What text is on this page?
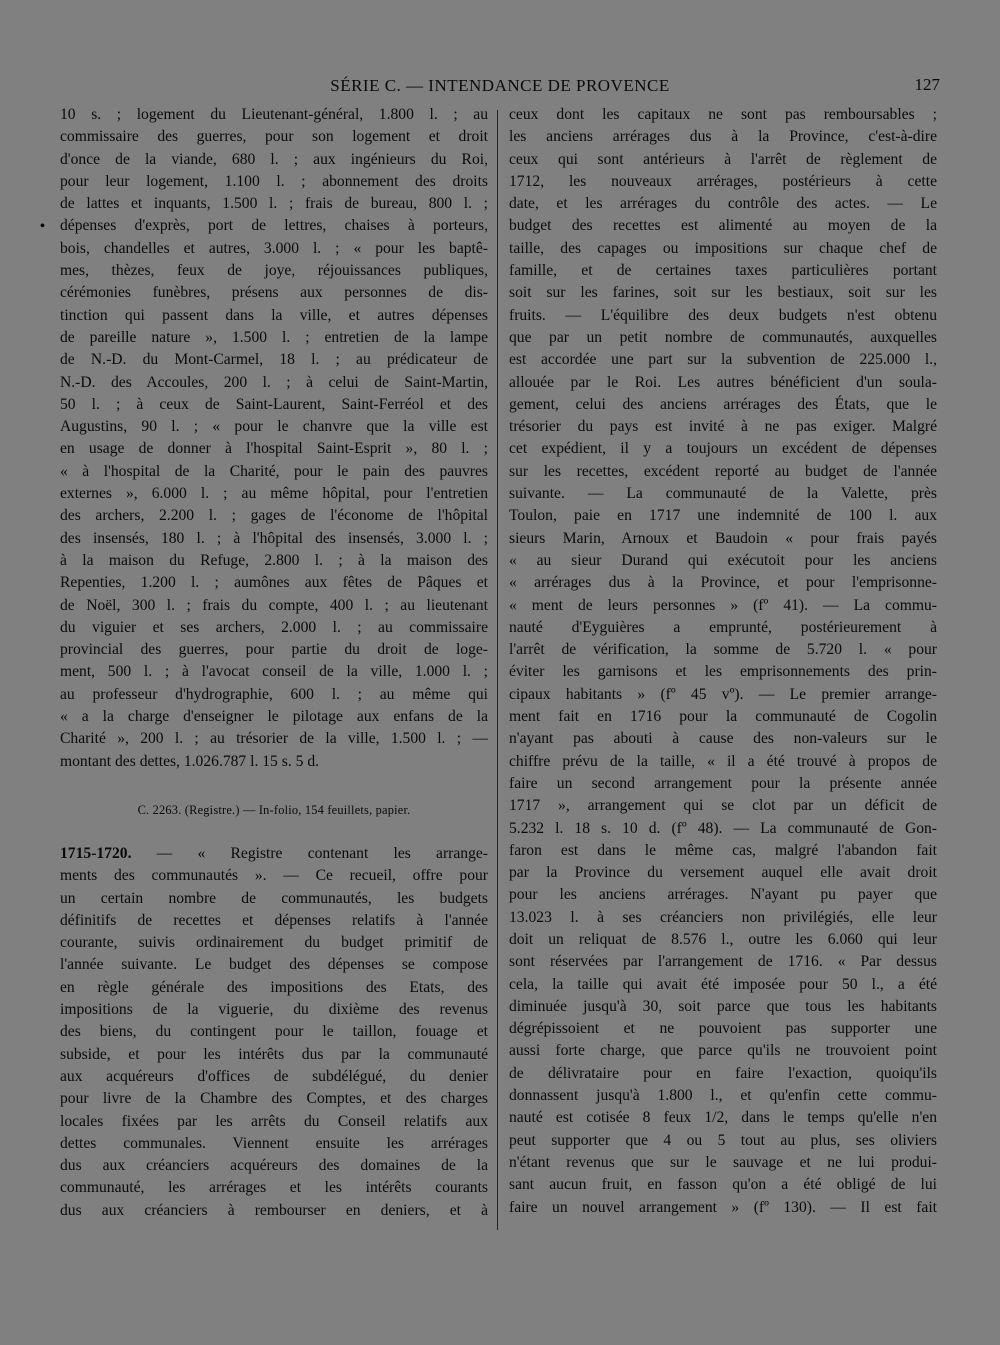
SÉRIE C. — INTENDANCE DE PROVENCE	127
•
10 s. ; logement du Lieutenant-général, 1.800 l. ; au
commissaire des guerres, pour son logement et droit
d'once de la viande, 680 l. ; aux ingénieurs du Roi,
pour leur logement, 1.100 l. ; abonnement des droits
de lattes et inquants, 1.500 l. ; frais de bureau, 800 l. ;
dépenses d'exprès, port de lettres, chaises à porteurs,
bois, chandelles et autres, 3.000 l. ; « pour les baptê-
mes, thèzes, feux de joye, réjouissances publiques,
cérémonies funèbres, présens aux personnes de dis-
tinction qui passent dans la ville, et autres dépenses
de pareille nature », 1.500 l. ; entretien de la lampe
de N.-D. du Mont-Carmel, 18 l. ; au prédicateur de
N.-D. des Accoules, 200 l. ; à celui de Saint-Martin,
50 l. ; à ceux de Saint-Laurent, Saint-Ferréol et des
Augustins, 90 l. ; « pour le chanvre que la ville est
en usage de donner à l'hospital Saint-Esprit », 80 l. ;
« à l'hospital de la Charité, pour le pain des pauvres
externes », 6.000 l. ; au même hôpital, pour l'entretien
des archers, 2.200 l. ; gages de l'économe de l'hôpital
des insensés, 180 l. ; à l'hôpital des insensés, 3.000 l. ;
à la maison du Refuge, 2.800 l. ; à la maison des
Repenties, 1.200 l. ; aumônes aux fêtes de Pâques et
de Noël, 300 l. ; frais du compte, 400 l. ; au lieutenant
du viguier et ses archers, 2.000 l. ; au commissaire
provincial des guerres, pour partie du droit de loge-
ment, 500 l. ; à l'avocat conseil de la ville, 1.000 l. ;
au professeur d'hydrographie, 600 l. ; au même qui
« a la charge d'enseigner le pilotage aux enfans de la
Charité », 200 l. ; au trésorier de la ville, 1.500 l. ; —
montant des dettes, 1.026.787 l. 15 s. 5 d.
C. 2263. (Registre.) — In-folio, 154 feuillets, papier.
1715-1720. — « Registre contenant les arrange-
ments des communautés ». — Ce recueil, offre pour
un certain nombre de communautés, les budgets
définitifs de recettes et dépenses relatifs à l'année
courante, suivis ordinairement du budget primitif de
l'année suivante. Le budget des dépenses se compose
en règle générale des impositions des Etats, des
impositions de la viguerie, du dixième des revenus
des biens, du contingent pour le taillon, fouage et
subside, et pour les intérêts dus par la communauté
aux acquéreurs d'offices de subdélégué, du denier
pour livre de la Chambre des Comptes, et des charges
locales fixées par les arrêts du Conseil relatifs aux
dettes communales. Viennent ensuite les arrérages
dus aux créanciers acquéreurs des domaines de la
communauté, les arrérages et les intérêts courants
dus aux créanciers à rembourser en deniers, et à
ceux dont les capitaux ne sont pas remboursables ;
les anciens arrérages dus à la Province, c'est-à-dire
ceux qui sont antérieurs à l'arrêt de règlement de
1712, les nouveaux arrérages, postérieurs à cette
date, et les arrérages du contrôle des actes. — Le
budget des recettes est alimenté au moyen de la
taille, des capages ou impositions sur chaque chef de
famille, et de certaines taxes particulières portant
soit sur les farines, soit sur les bestiaux, soit sur les
fruits. — L'équilibre des deux budgets n'est obtenu
que par un petit nombre de communautés, auxquelles
est accordée une part sur la subvention de 225.000 l.,
allouée par le Roi. Les autres bénéficient d'un soula-
gement, celui des anciens arrérages des États, que le
trésorier du pays est invité à ne pas exiger. Malgré
cet expédient, il y a toujours un excédent de dépenses
sur les recettes, excédent reporté au budget de l'année
suivante. — La communauté de la Valette, près
Toulon, paie en 1717 une indemnité de 100 l. aux
sieurs Marin, Arnoux et Baudoin « pour frais payés
« au sieur Durand qui exécutoit pour les anciens
« arrérages dus à la Province, et pour l'emprisonne-
« ment de leurs personnes » (fº 41). — La commu-
nauté d'Eyguières a emprunté, postérieurement à
l'arrêt de vérification, la somme de 5.720 l. « pour
éviter les garnisons et les emprisonnements des prin-
cipaux habitants » (fº 45 vº). — Le premier arrange-
ment fait en 1716 pour la communauté de Cogolin
n'ayant pas abouti à cause des non-valeurs sur le
chiffre prévu de la taille, « il a été trouvé à propos de
faire un second arrangement pour la présente année
1717 », arrangement qui se clot par un déficit de
5.232 l. 18 s. 10 d. (fº 48). — La communauté de Gon-
faron est dans le même cas, malgré l'abandon fait
par la Province du versement auquel elle avait droit
pour les anciens arrérages. N'ayant pu payer que
13.023 l. à ses créanciers non privilégiés, elle leur
doit un reliquat de 8.576 l., outre les 6.060 qui leur
sont réservées par l'arrangement de 1716. « Par dessus
cela, la taille qui avait été imposée pour 50 l., a été
diminuée jusqu'à 30, soit parce que tous les habitants
dégrépissoient et ne pouvoient pas supporter une
aussi forte charge, que parce qu'ils ne trouvoient point
de délivrataire pour en faire l'exaction, quoiqu'ils
donnassent jusqu'à 1.800 l., et qu'enfin cette commu-
nauté est cotisée 8 feux 1/2, dans le temps qu'elle n'en
peut supporter que 4 ou 5 tout au plus, ses oliviers
n'étant revenus que sur le sauvage et ne lui produi-
sant aucun fruit, en fasson qu'on a été obligé de lui
faire un nouvel arrangement » (fº 130). — Il est fait
